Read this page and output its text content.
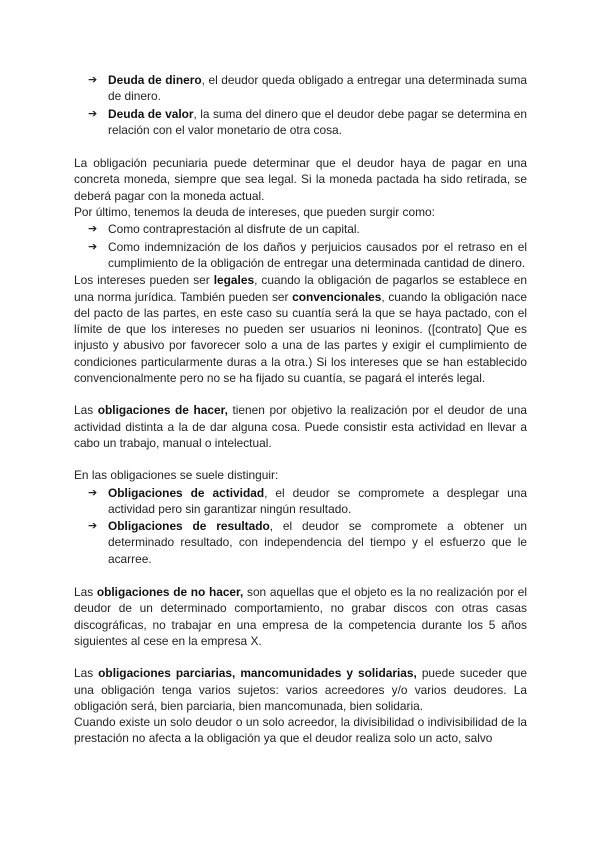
➔ Deuda de dinero, el deudor queda obligado a entregar una determinada suma de dinero.
➔ Deuda de valor, la suma del dinero que el deudor debe pagar se determina en relación con el valor monetario de otra cosa.

La obligación pecuniaria puede determinar que el deudor haya de pagar en una concreta moneda, siempre que sea legal. Si la moneda pactada ha sido retirada, se deberá pagar con la moneda actual.

Por último, tenemos la deuda de intereses, que pueden surgir como:

➔ Como contraprestación al disfrute de un capital.
➔ Como indemnización de los daños y perjuicios causados por el retraso en el cumplimiento de la obligación de entregar una determinada cantidad de dinero.

Los intereses pueden ser legales, cuando la obligación de pagarlos se establece en una norma jurídica. También pueden ser convencionales, cuando la obligación nace del pacto de las partes, en este caso su cuantía será la que se haya pactado, con el límite de que los intereses no pueden ser usuarios ni leoninos. ([contrato] Que es injusto y abusivo por favorecer solo a una de las partes y exigir el cumplimiento de condiciones particularmente duras a la otra.) Si los intereses que se han establecido convencionalmente pero no se ha fijado su cuantía, se pagará el interés legal.

Las obligaciones de hacer, tienen por objetivo la realización por el deudor de una actividad distinta a la de dar alguna cosa. Puede consistir esta actividad en llevar a cabo un trabajo, manual o intelectual.

En las obligaciones se suele distinguir:

➔ Obligaciones de actividad, el deudor se compromete a desplegar una actividad pero sin garantizar ningún resultado.
➔ Obligaciones de resultado, el deudor se compromete a obtener un determinado resultado, con independencia del tiempo y el esfuerzo que le acarree.

Las obligaciones de no hacer, son aquellas que el objeto es la no realización por el deudor de un determinado comportamiento, no grabar discos con otras casas discográficas, no trabajar en una empresa de la competencia durante los 5 años siguientes al cese en la empresa X.

Las obligaciones parciarias, mancomunidades y solidarias, puede suceder que una obligación tenga varios sujetos: varios acreedores y/o varios deudores. La obligación será, bien parciaria, bien mancomunada, bien solidaria.

Cuando existe un solo deudor o un solo acreedor, la divisibilidad o indivisibilidad de la prestación no afecta a la obligación ya que el deudor realiza solo un acto, salvo
